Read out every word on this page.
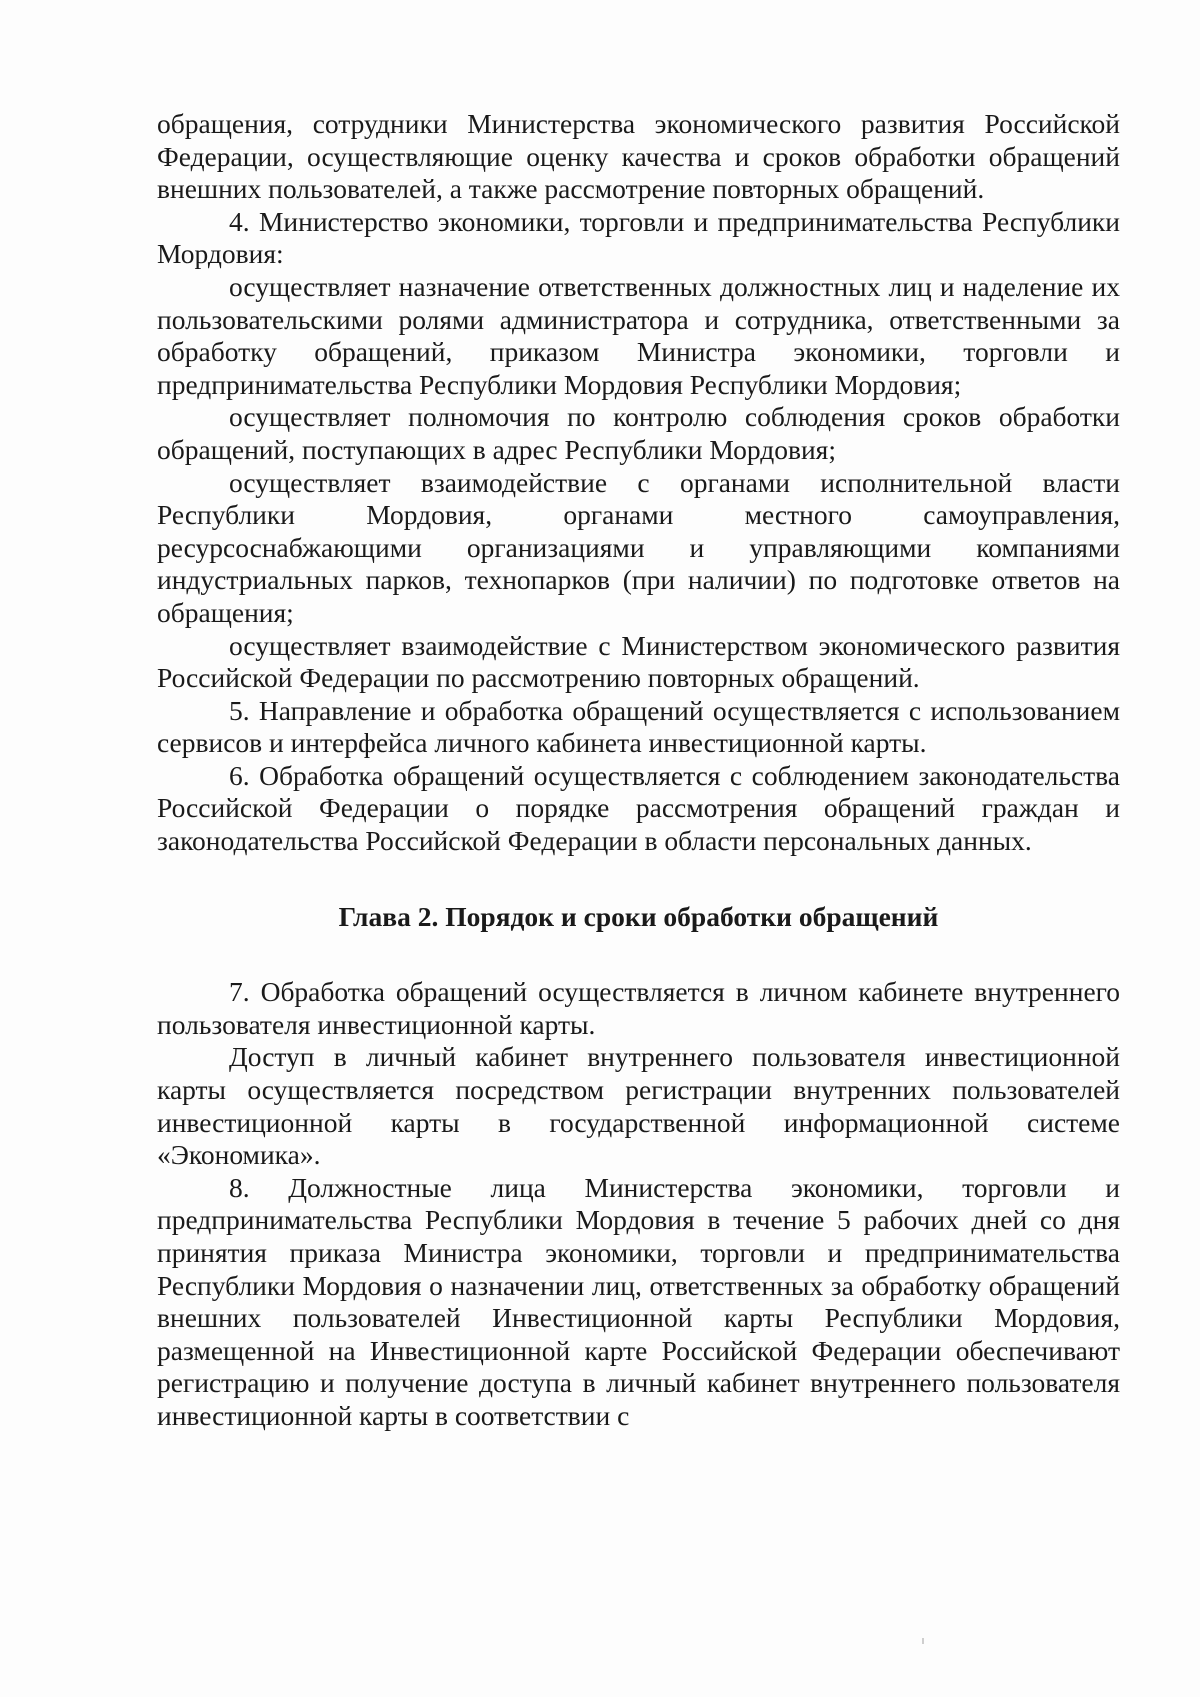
обращения, сотрудники Министерства экономического развития Российской Федерации, осуществляющие оценку качества и сроков обработки обращений внешних пользователей, а также рассмотрение повторных обращений.

4. Министерство экономики, торговли и предпринимательства Республики Мордовия:

осуществляет назначение ответственных должностных лиц и наделение их пользовательскими ролями администратора и сотрудника, ответственными за обработку обращений, приказом Министра экономики, торговли и предпринимательства Республики Мордовия Республики Мордовия;

осуществляет полномочия по контролю соблюдения сроков обработки обращений, поступающих в адрес Республики Мордовия;

осуществляет взаимодействие с органами исполнительной власти Республики Мордовия, органами местного самоуправления, ресурсоснабжающими организациями и управляющими компаниями индустриальных парков, технопарков (при наличии) по подготовке ответов на обращения;

осуществляет взаимодействие с Министерством экономического развития Российской Федерации по рассмотрению повторных обращений.

5. Направление и обработка обращений осуществляется с использованием сервисов и интерфейса личного кабинета инвестиционной карты.

6. Обработка обращений осуществляется с соблюдением законодательства Российской Федерации о порядке рассмотрения обращений граждан и законодательства Российской Федерации в области персональных данных.

Глава 2. Порядок и сроки обработки обращений

7. Обработка обращений осуществляется в личном кабинете внутреннего пользователя инвестиционной карты.

Доступ в личный кабинет внутреннего пользователя инвестиционной карты осуществляется посредством регистрации внутренних пользователей инвестиционной карты в государственной информационной системе «Экономика».

8. Должностные лица Министерства экономики, торговли и предпринимательства Республики Мордовия в течение 5 рабочих дней со дня принятия приказа Министра экономики, торговли и предпринимательства Республики Мордовия о назначении лиц, ответственных за обработку обращений внешних пользователей Инвестиционной карты Республики Мордовия, размещенной на Инвестиционной карте Российской Федерации обеспечивают регистрацию и получение доступа в личный кабинет внутреннего пользователя инвестиционной карты в соответствии с
